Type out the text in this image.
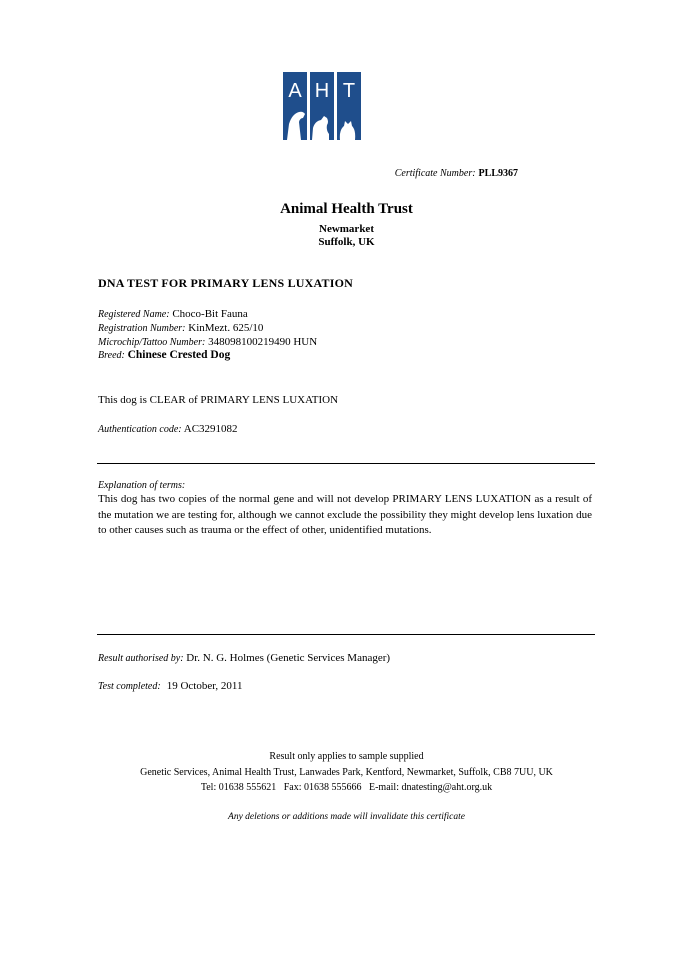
A H T
Certificate Number: PLL9367
Animal Health Trust
Newmarket
Suffolk, UK
DNA TEST FOR PRIMARY LENS LUXATION
Registered Name: Choco-Bit Fauna
Registration Number: KinMezt. 625/10
Microchip/Tattoo Number: 348098100219490 HUN
Breed: Chinese Crested Dog
This dog is CLEAR of PRIMARY LENS LUXATION
Authentication code: AC3291082
Explanation of terms:
This dog has two copies of the normal gene and will not develop PRIMARY LENS LUXATION as a result of the mutation we are testing for, although we cannot exclude the possibility they might develop lens luxation due to other causes such as trauma or the effect of other, unidentified mutations.
Result authorised by: Dr. N. G. Holmes (Genetic Services Manager)
Test completed: 19 October, 2011
Result only applies to sample supplied
Genetic Services, Animal Health Trust, Lanwades Park, Kentford, Newmarket, Suffolk, CB8 7UU, UK
Tel: 01638 555621   Fax: 01638 555666   E-mail: dnatesting@aht.org.uk
Any deletions or additions made will invalidate this certificate
